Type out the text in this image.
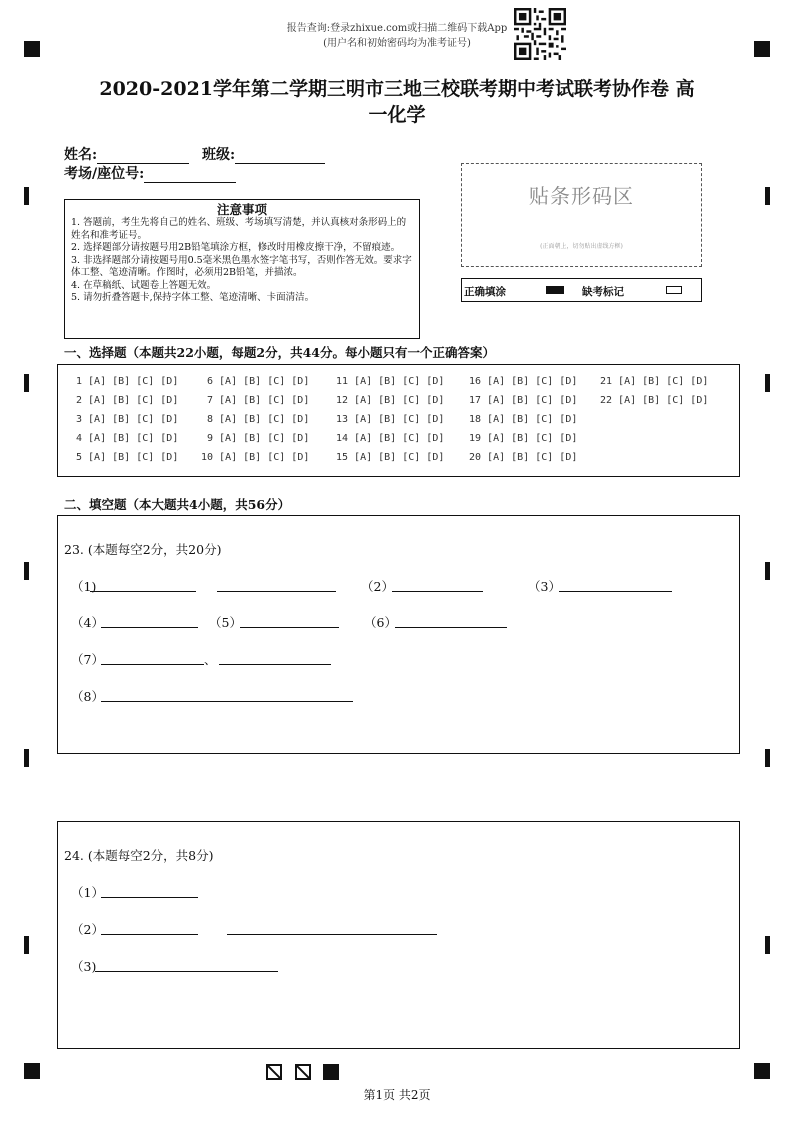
报告查询:登录zhixue.com或扫描二维码下载App
(用户名和初始密码均为准考证号)
2020-2021学年第二学期三明市三地三校联考期中考试联考协作卷 高
一化学
姓名:	班级:
考场/座位号:
注意事项
1. 答题前，考生先将自己的姓名、班级、考场填写清楚，并认真核对条形码上的姓名和准考证号。
2. 选择题部分请按题号用2B铅笔填涂方框，修改时用橡皮擦干净，不留痕迹。
3. 非选择题部分请按题号用0.5毫米黑色墨水签字笔书写，否则作答无效。要求字体工整、笔迹清晰。作图时，必须用2B铅笔，并描浓。
4. 在草稿纸、试题卷上答题无效。
5. 请勿折叠答题卡,保持字体工整、笔迹清晰、卡面清洁。
贴条形码区
(正面朝上，切勿贴出虚线方框)
正确填涂	缺考标记
一、选择题（本题共22小题，每题2分，共44分。每小题只有一个正确答案）
1 [A] [B] [C] [D]	6 [A] [B] [C] [D]	11 [A] [B] [C] [D] 16 [A] [B] [C] [D] 21 [A] [B] [C] [D]
2 [A] [B] [C] [D]	7 [A] [B] [C] [D]	12 [A] [B] [C] [D] 17 [A] [B] [C] [D] 22 [A] [B] [C] [D]
3 [A] [B] [C] [D]	8 [A] [B] [C] [D]	13 [A] [B] [C] [D] 18 [A] [B] [C] [D]
4 [A] [B] [C] [D]	9 [A] [B] [C] [D]	14 [A] [B] [C] [D] 19 [A] [B] [C] [D]
5 [A] [B] [C] [D] 10 [A] [B] [C] [D]	15 [A] [B] [C] [D] 20 [A] [B] [C] [D]
二、填空题（本大题共4小题，共56分）
23. (本题每空2分，共20分)
（1)	（2）	（3）
（4）	（5）	（6）
（7）	、
（8）
24. (本题每空2分，共8分)
（1）
（2）
（3)
第1页 共2页
